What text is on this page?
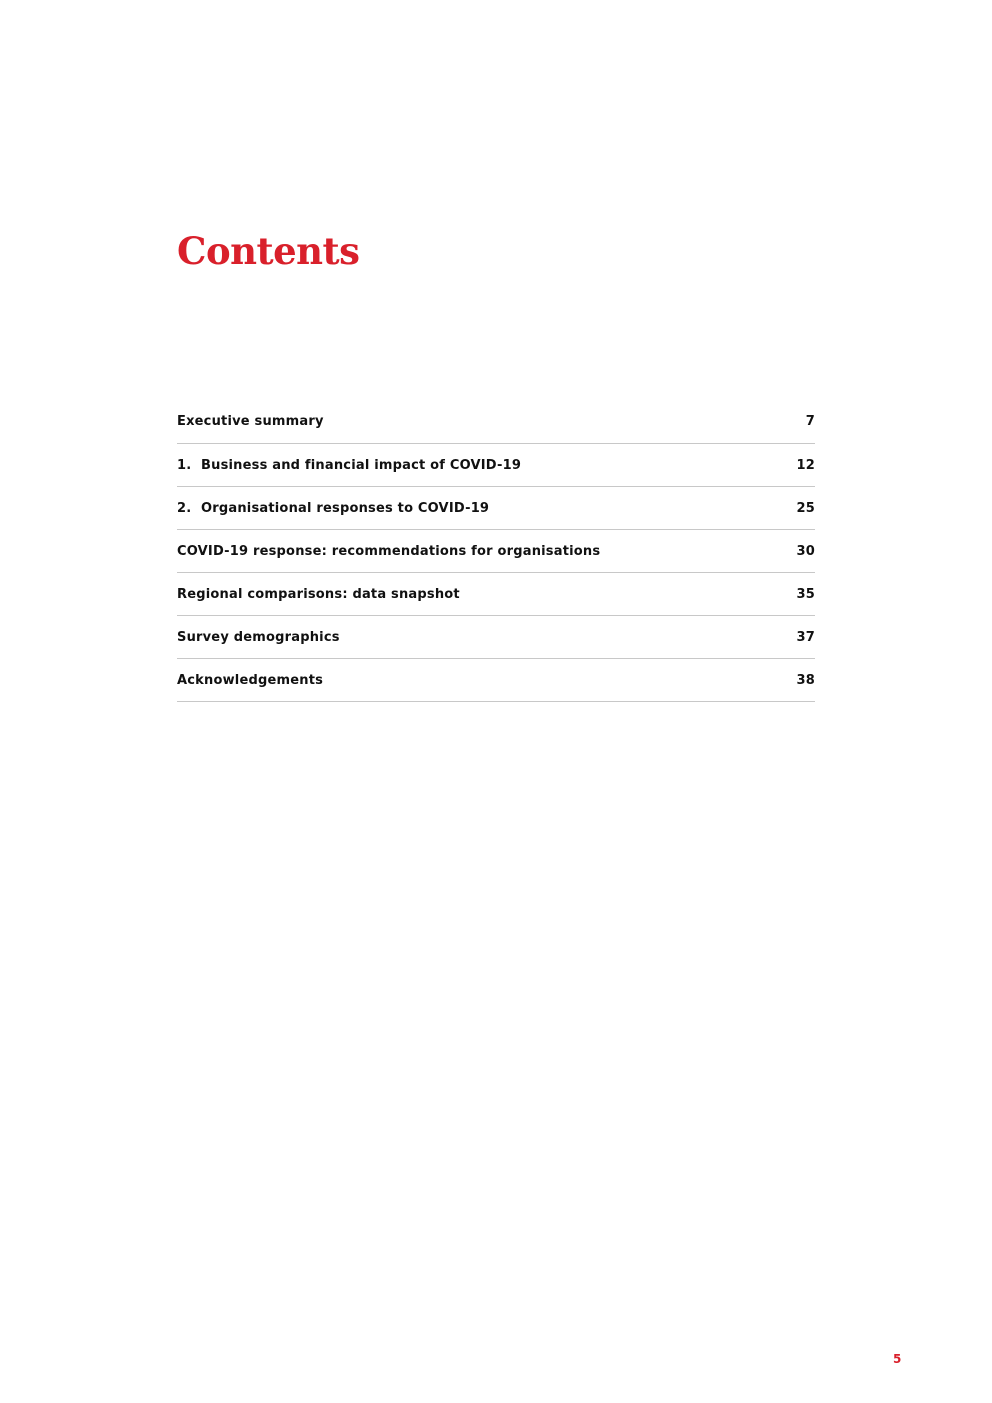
Contents
Executive summary	7
1. Business and financial impact of COVID-19	12
2. Organisational responses to COVID-19	25
COVID-19 response: recommendations for organisations	30
Regional comparisons: data snapshot	35
Survey demographics	37
Acknowledgements	38
5
